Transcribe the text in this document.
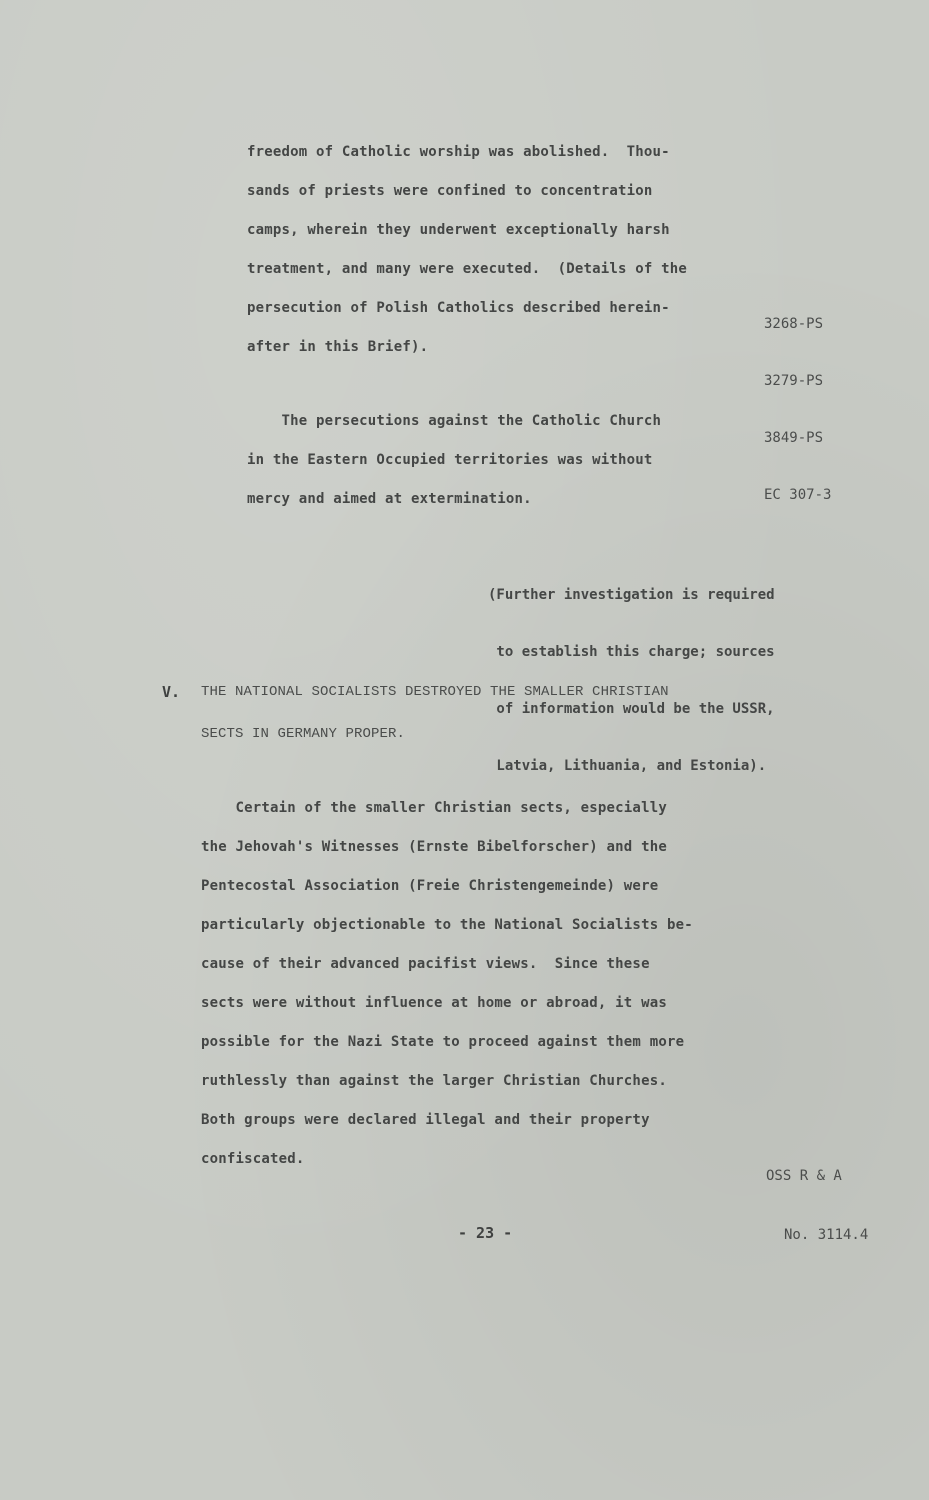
freedom of Catholic worship was abolished.  Thou-
sands of priests were confined to concentration
camps, wherein they underwent exceptionally harsh
treatment, and many were executed.  (Details of the
persecution of Polish Catholics described herein-
after in this Brief).

3268-PS

3279-PS

3849-PS

EC 307-3

The persecutions against the Catholic Church
in the Eastern Occupied territories was without
mercy and aimed at extermination.

(Further investigation is required

to establish this charge; sources

of information would be the USSR,

Latvia, Lithuania, and Estonia).

V. THE NATIONAL SOCIALISTS DESTROYED THE SMALLER CHRISTIAN
SECTS IN GERMANY PROPER.
Certain of the smaller Christian sects, especially
the Jehovah's Witnesses (Ernste Bibelforscher) and the
Pentecostal Association (Freie Christengemeinde) were
particularly objectionable to the National Socialists be-
cause of their advanced pacifist views.  Since these
sects were without influence at home or abroad, it was
possible for the Nazi State to proceed against them more
ruthlessly than against the larger Christian Churches.
Both groups were declared illegal and their property
confiscated.

OSS R & A

No. 3114.4

- 23 -
